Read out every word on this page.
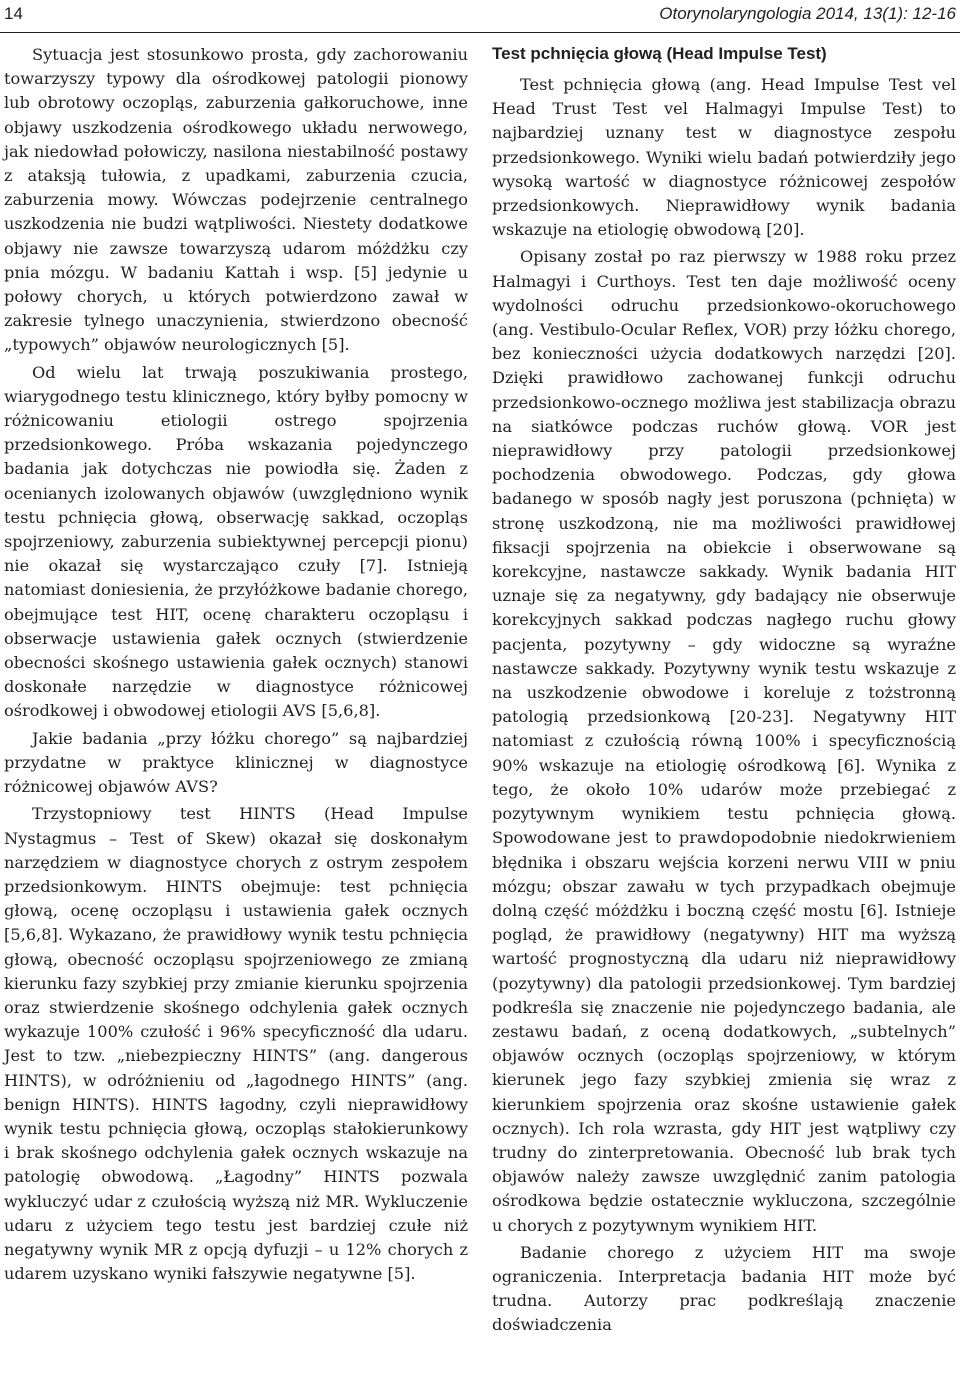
14	Otorynolaryngologia 2014, 13(1): 12-16

Sytuacja jest stosunkowo prosta, gdy zachorowaniu towarzyszy typowy dla ośrodkowej patologii pionowy lub obrotowy oczopląs, zaburzenia gałkoruchowe, inne objawy uszkodzenia ośrodkowego układu nerwowego, jak niedowład połowiczy, nasilona niestabilność postawy z ataksją tułowia, z upadkami, zaburzenia czucia, zaburzenia mowy. Wówczas podejrzenie centralnego uszkodzenia nie budzi wątpliwości. Niestety dodatkowe objawy nie zawsze towarzyszą udarom móżdżku czy pnia mózgu. W badaniu Kattah i wsp. [5] jedynie u połowy chorych, u których potwierdzono zawał w zakresie tylnego unaczynienia, stwierdzono obecność „typowych” objawów neurologicznych [5].

Od wielu lat trwają poszukiwania prostego, wiarygodnego testu klinicznego, który byłby pomocny w różnicowaniu etiologii ostrego spojrzenia przedsionkowego. Próba wskazania pojedynczego badania jak dotychczas nie powiodła się. Żaden z ocenianych izolowanych objawów (uwzględniono wynik testu pchnięcia głową, obserwację sakkad, oczopląs spojrzeniowy, zaburzenia subiektywnej percepcji pionu) nie okazał się wystarczająco czuły [7]. Istnieją natomiast doniesienia, że przyłóżkowe badanie chorego, obejmujące test HIT, ocenę charakteru oczopląsu i obserwacje ustawienia gałek ocznych (stwierdzenie obecności skośnego ustawienia gałek ocznych) stanowi doskonałe narzędzie w diagnostyce różnicowej ośrodkowej i obwodowej etiologii AVS [5,6,8].

Jakie badania „przy łóżku chorego” są najbardziej przydatne w praktyce klinicznej w diagnostyce różnicowej objawów AVS?

Trzystopniowy test HINTS (Head Impulse Nystagmus – Test of Skew) okazał się doskonałym narzędziem w diagnostyce chorych z ostrym zespołem przedsionkowym. HINTS obejmuje: test pchnięcia głową, ocenę oczopląsu i ustawienia gałek ocznych [5,6,8]. Wykazano, że prawidłowy wynik testu pchnięcia głową, obecność oczopląsu spojrzeniowego ze zmianą kierunku fazy szybkiej przy zmianie kierunku spojrzenia oraz stwierdzenie skośnego odchylenia gałek ocznych wykazuje 100% czułość i 96% specyficzność dla udaru. Jest to tzw. „niebezpieczny HINTS” (ang. dangerous HINTS), w odróżnieniu od „łagodnego HINTS” (ang. benign HINTS). HINTS łagodny, czyli nieprawidłowy wynik testu pchnięcia głową, oczopląs stałokierunkowy i brak skośnego odchylenia gałek ocznych wskazuje na patologię obwodową. „Łagodny” HINTS pozwala wykluczyć udar z czułością wyższą niż MR. Wykluczenie udaru z użyciem tego testu jest bardziej czułe niż negatywny wynik MR z opcją dyfuzji – u 12% chorych z udarem uzyskano wyniki fałszywie negatywne [5].

Test pchnięcia głową (Head Impulse Test)

Test pchnięcia głową (ang. Head Impulse Test vel Head Trust Test vel Halmagyi Impulse Test) to najbardziej uznany test w diagnostyce zespołu przedsionkowego. Wyniki wielu badań potwierdziły jego wysoką wartość w diagnostyce różnicowej zespołów przedsionkowych. Nieprawidłowy wynik badania wskazuje na etiologię obwodową [20].

Opisany został po raz pierwszy w 1988 roku przez Halmagyi i Curthoys. Test ten daje możliwość oceny wydolności odruchu przedsionkowo-okoruchowego (ang. Vestibulo-Ocular Reflex, VOR) przy łóżku chorego, bez konieczności użycia dodatkowych narzędzi [20]. Dzięki prawidłowo zachowanej funkcji odruchu przedsionkowo-ocznego możliwa jest stabilizacja obrazu na siatkówce podczas ruchów głową. VOR jest nieprawidłowy przy patologii przedsionkowej pochodzenia obwodowego. Podczas, gdy głowa badanego w sposób nagły jest poruszona (pchnięta) w stronę uszkodzoną, nie ma możliwości prawidłowej fiksacji spojrzenia na obiekcie i obserwowane są korekcyjne, nastawcze sakkady. Wynik badania HIT uznaje się za negatywny, gdy badający nie obserwuje korekcyjnych sakkad podczas nagłego ruchu głowy pacjenta, pozytywny – gdy widoczne są wyraźne nastawcze sakkady. Pozytywny wynik testu wskazuje z na uszkodzenie obwodowe i koreluje z tożstronną patologią przedsionkową [20-23]. Negatywny HIT natomiast z czułością równą 100% i specyficznością 90% wskazuje na etiologię ośrodkową [6]. Wynika z tego, że około 10% udarów może przebiegać z pozytywnym wynikiem testu pchnięcia głową. Spowodowane jest to prawdopodobnie niedokrwieniem błędnika i obszaru wejścia korzeni nerwu VIII w pniu mózgu; obszar zawału w tych przypadkach obejmuje dolną część móżdżku i boczną część mostu [6]. Istnieje pogląd, że prawidłowy (negatywny) HIT ma wyższą wartość prognostyczną dla udaru niż nieprawidłowy (pozytywny) dla patologii przedsionkowej. Tym bardziej podkreśla się znaczenie nie pojedynczego badania, ale zestawu badań, z oceną dodatkowych, „subtelnych” objawów ocznych (oczopląs spojrzeniowy, w którym kierunek jego fazy szybkiej zmienia się wraz z kierunkiem spojrzenia oraz skośne ustawienie gałek ocznych). Ich rola wzrasta, gdy HIT jest wątpliwy czy trudny do zinterpretowania. Obecność lub brak tych objawów należy zawsze uwzględnić zanim patologia ośrodkowa będzie ostatecznie wykluczona, szczególnie u chorych z pozytywnym wynikiem HIT.

Badanie chorego z użyciem HIT ma swoje ograniczenia. Interpretacja badania HIT może być trudna. Autorzy prac podkreślają znaczenie doświadczenia
